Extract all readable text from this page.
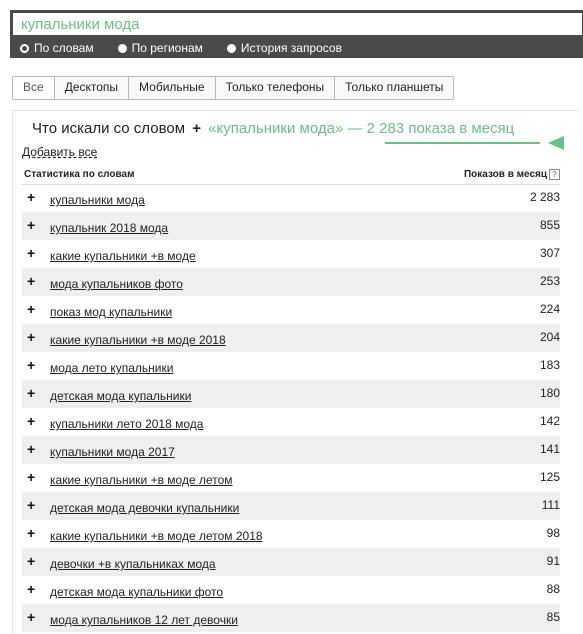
купальники мода
По словам	По регионам	История запросов
Все	Десктопы	Мобильные	Только телефоны	Только планшеты
Что искали со словом + «купальники мода» — 2 283 показа в месяц
Добавить все
Статистика по словам	Показов в месяц ?
+ купальники мода	2 283
+ купальник 2018 мода	855
+ какие купальники +в моде	307
+ мода купальников фото	253
+ показ мод купальники	224
+ какие купальники +в моде 2018	204
+ мода лето купальники	183
+ детская мода купальники	180
+ купальники лето 2018 мода	142
+ купальники мода 2017	141
+ какие купальники +в моде летом	125
+ детская мода девочки купальники	111
+ какие купальники +в моде летом 2018	98
+ девочки +в купальниках мода	91
+ детская мода купальники фото	88
+ мода купальников 12 лет девочки	85
